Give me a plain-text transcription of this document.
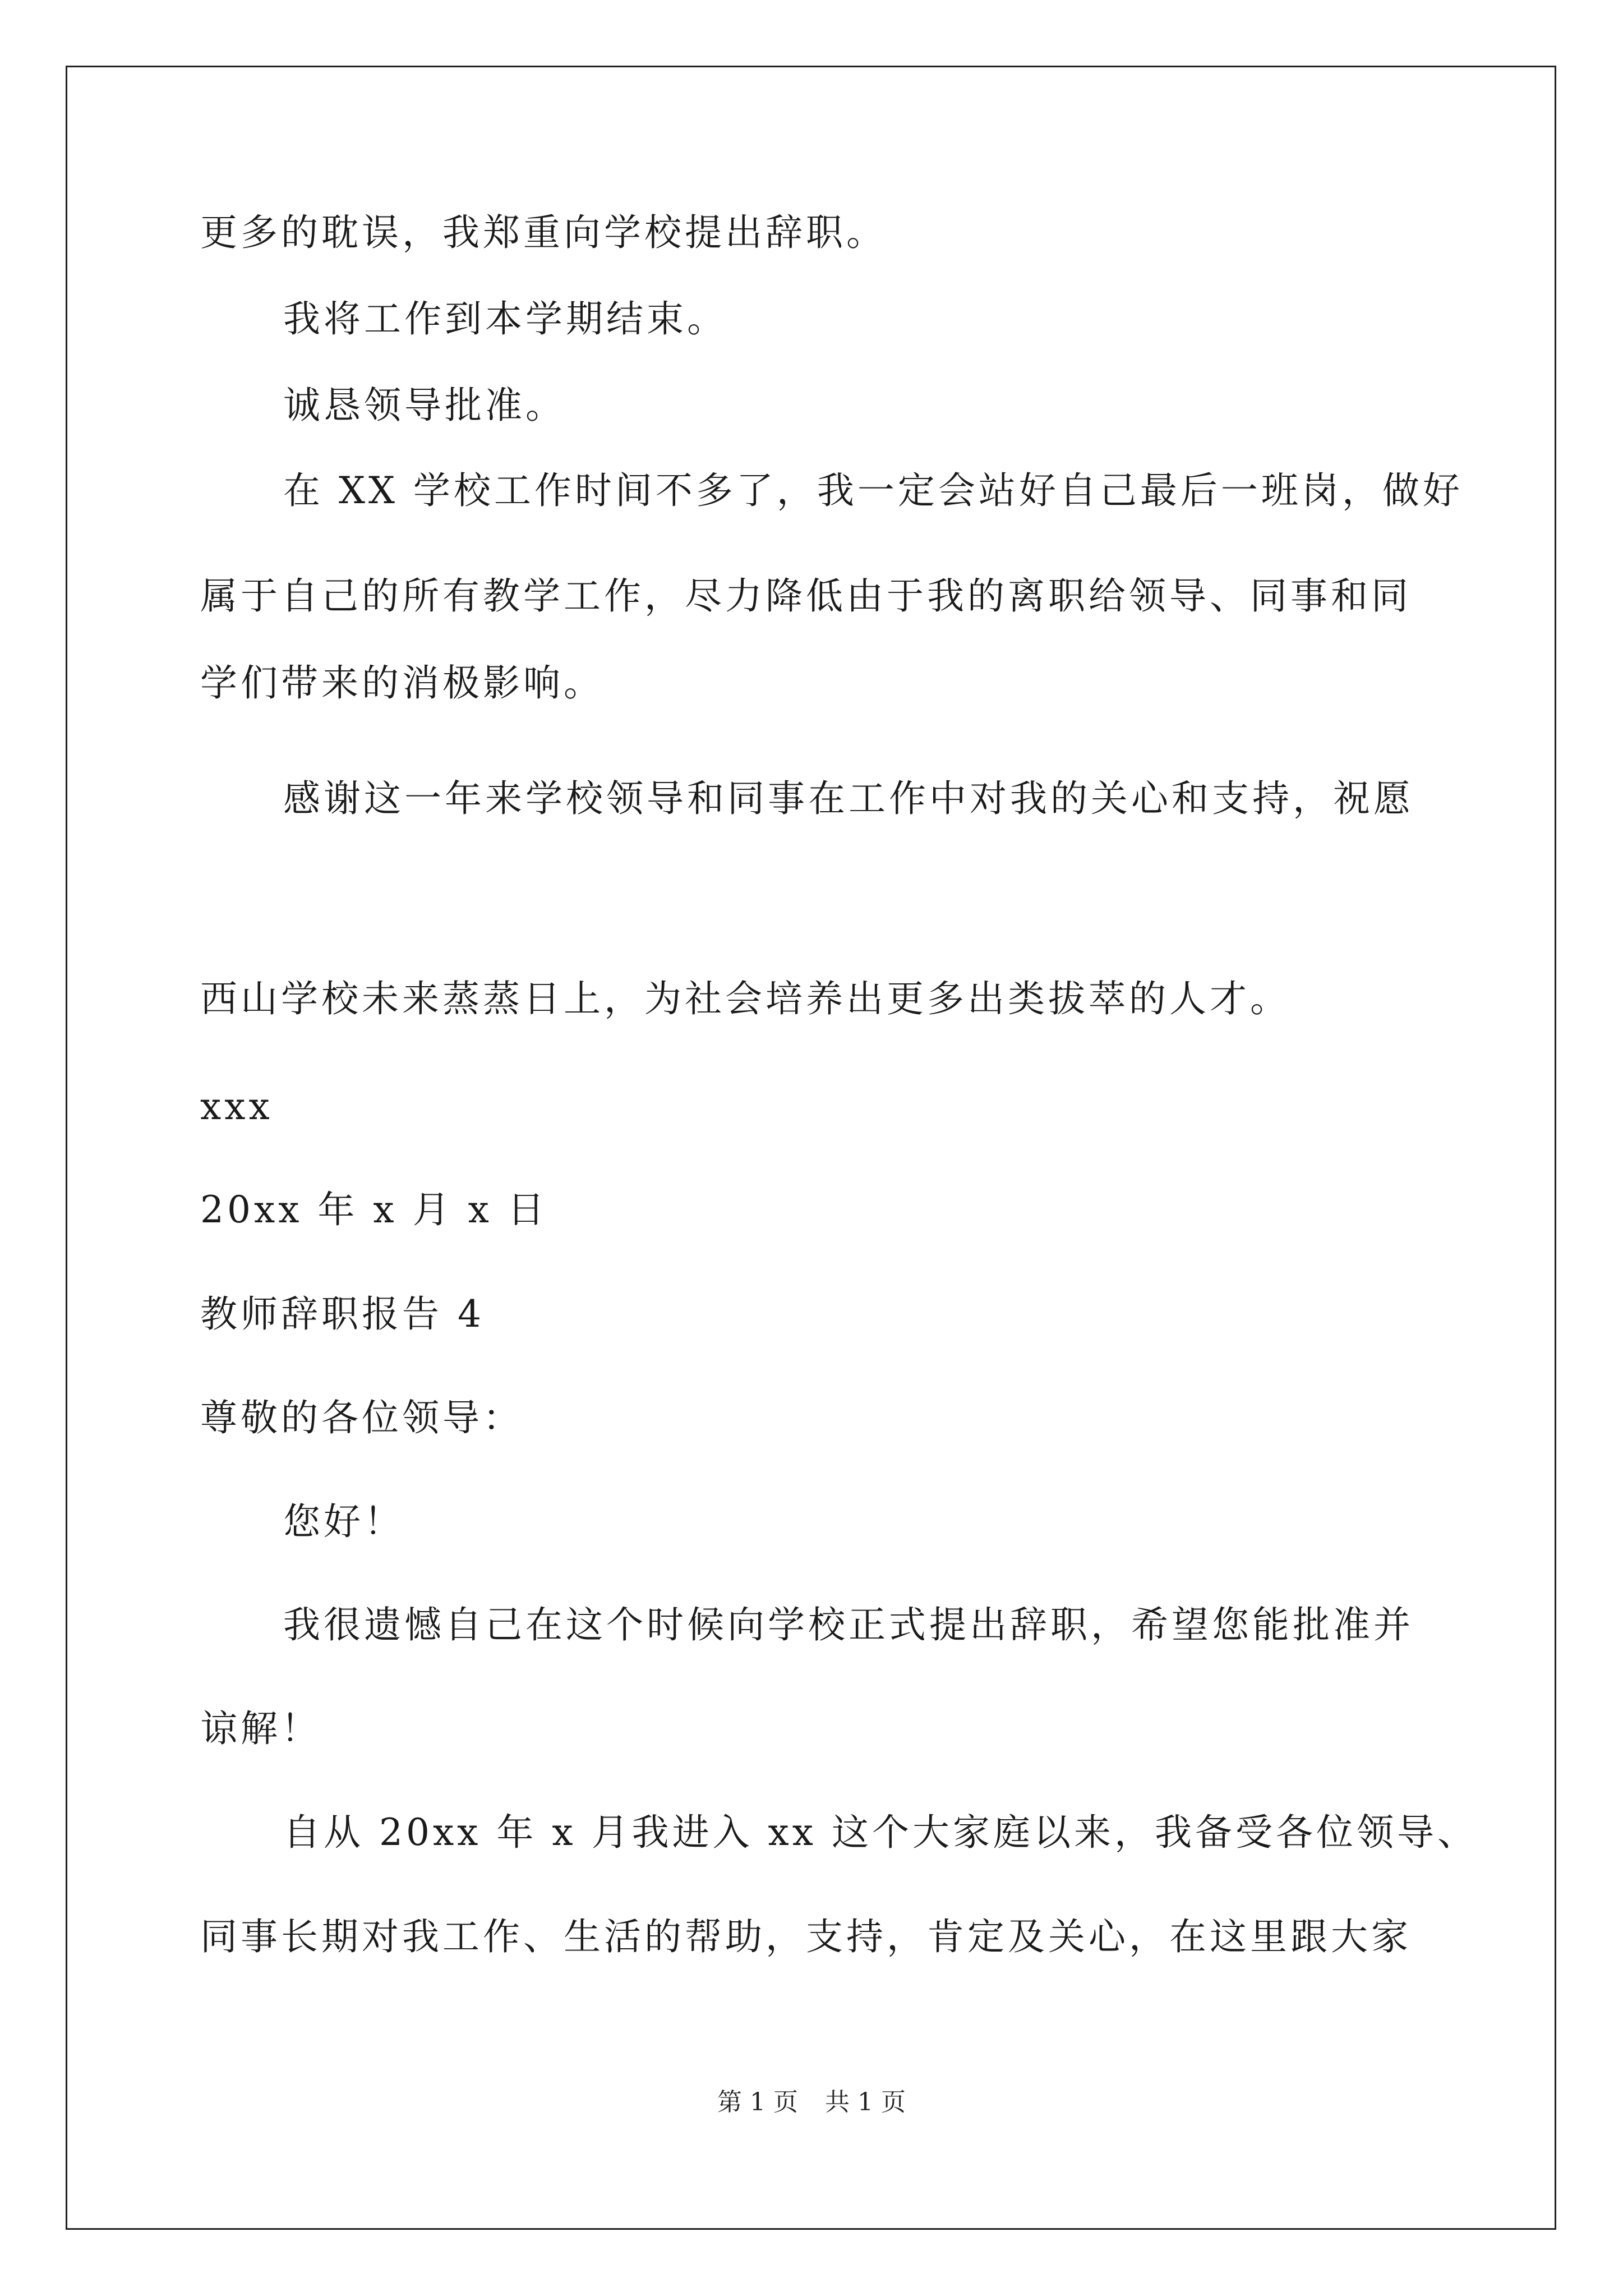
更多的耽误，我郑重向学校提出辞职。
我将工作到本学期结束。
诚恳领导批准。
在 XX 学校工作时间不多了，我一定会站好自己最后一班岗，做好
属于自己的所有教学工作，尽力降低由于我的离职给领导、同事和同
学们带来的消极影响。
感谢这一年来学校领导和同事在工作中对我的关心和支持，祝愿
西山学校未来蒸蒸日上，为社会培养出更多出类拔萃的人才。
xxx
20xx 年 x 月 x 日
教师辞职报告 4
尊敬的各位领导：
您好！
我很遗憾自己在这个时候向学校正式提出辞职，希望您能批准并
谅解！
自从 20xx 年 x 月我进入 xx 这个大家庭以来，我备受各位领导、
同事长期对我工作、生活的帮助，支持，肯定及关心，在这里跟大家
第 1 页 共 1 页
